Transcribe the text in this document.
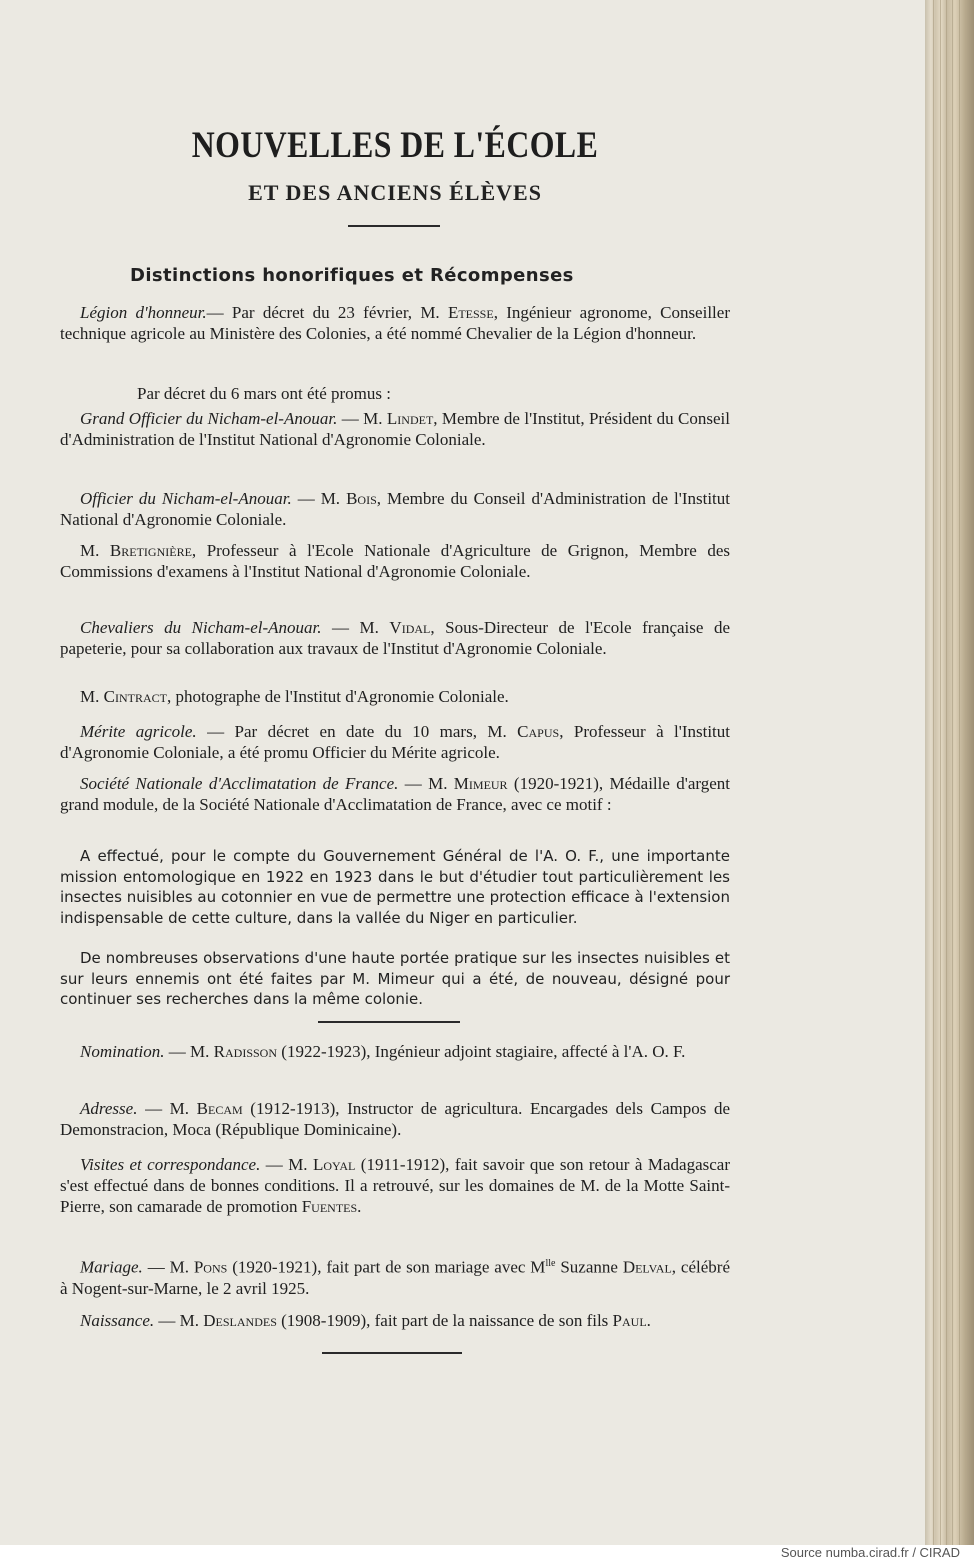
NOUVELLES DE L'ÉCOLE
ET DES ANCIENS ÉLÈVES
Distinctions honorifiques et Récompenses

Légion d'honneur.— Par décret du 23 février, M. Etesse, Ingénieur agronome, Conseiller technique agricole au Ministère des Colonies, a été nommé Chevalier de la Légion d'honneur.

Par décret du 6 mars ont été promus :

Grand Officier du Nicham-el-Anouar. — M. Lindet, Membre de l'Institut, Président du Conseil d'Administration de l'Institut National d'Agronomie Coloniale.

Officier du Nicham-el-Anouar. — M. Bois, Membre du Conseil d'Administration de l'Institut National d'Agronomie Coloniale.

M. Bretignière, Professeur à l'Ecole Nationale d'Agriculture de Grignon, Membre des Commissions d'examens à l'Institut National d'Agronomie Coloniale.

Chevaliers du Nicham-el-Anouar. — M. Vidal, Sous-Directeur de l'Ecole française de papeterie, pour sa collaboration aux travaux de l'Institut d'Agronomie Coloniale.

M. Cintract, photographe de l'Institut d'Agronomie Coloniale.

Mérite agricole. — Par décret en date du 10 mars, M. Capus, Professeur à l'Institut d'Agronomie Coloniale, a été promu Officier du Mérite agricole.

Société Nationale d'Acclimatation de France. — M. Mimeur (1920-1921), Médaille d'argent grand module, de la Société Nationale d'Acclimatation de France, avec ce motif :

A effectué, pour le compte du Gouvernement Général de l'A. O. F., une importante mission entomologique en 1922 en 1923 dans le but d'étudier tout particulièrement les insectes nuisibles au cotonnier en vue de permettre une protection efficace à l'extension indispensable de cette culture, dans la vallée du Niger en particulier.

De nombreuses observations d'une haute portée pratique sur les insectes nuisibles et sur leurs ennemis ont été faites par M. Mimeur qui a été, de nouveau, désigné pour continuer ses recherches dans la même colonie.

Nomination. — M. Radisson (1922-1923), Ingénieur adjoint stagiaire, affecté à l'A. O. F.

Adresse. — M. Becam (1912-1913), Instructor de agricultura. Encargades dels Campos de Demonstracion, Moca (République Dominicaine).

Visites et correspondance. — M. Loyal (1911-1912), fait savoir que son retour à Madagascar s'est effectué dans de bonnes conditions. Il a retrouvé, sur les domaines de M. de la Motte Saint-Pierre, son camarade de promotion Fuentes.

Mariage. — M. Pons (1920-1921), fait part de son mariage avec $M^{lle}$ Suzanne Delval, célébré à Nogent-sur-Marne, le 2 avril 1925.

Naissance. — M. Deslandes (1908-1909), fait part de la naissance de son fils Paul.

Source numba.cirad.fr / CIRAD
